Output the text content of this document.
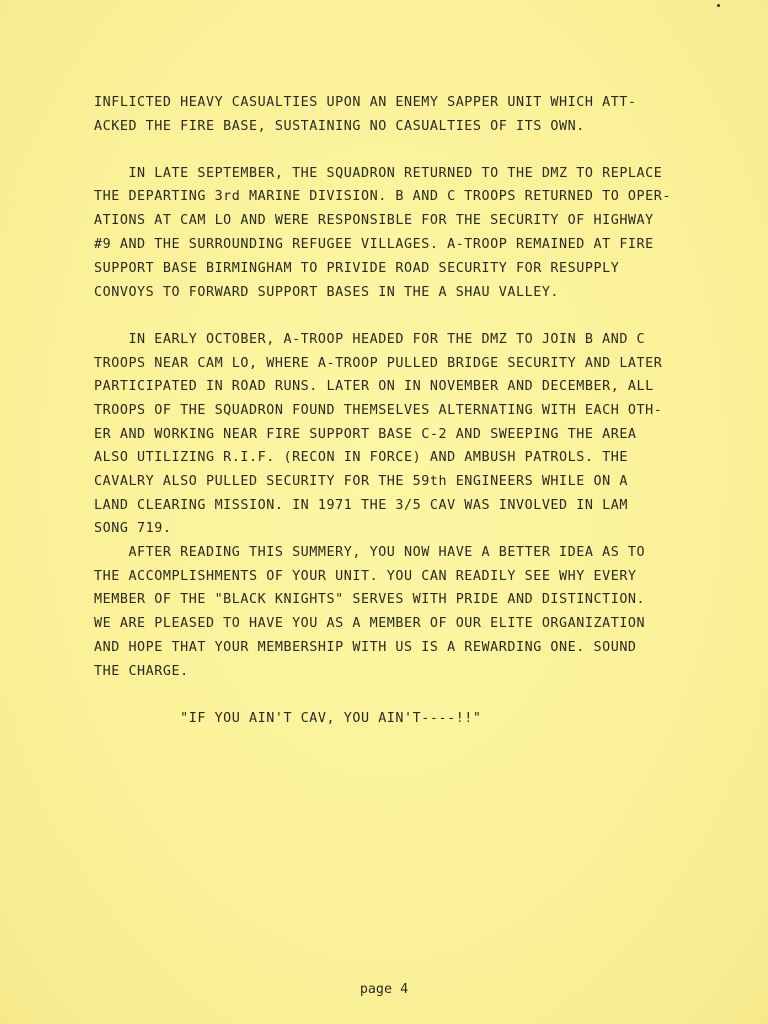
INFLICTED HEAVY CASUALTIES UPON AN ENEMY SAPPER UNIT WHICH ATT-

ACKED THE FIRE BASE, SUSTAINING NO CASUALTIES OF ITS OWN.

IN LATE SEPTEMBER, THE SQUADRON RETURNED TO THE DMZ TO REPLACE

THE DEPARTING 3rd MARINE DIVISION. B AND C TROOPS RETURNED TO OPER-

ATIONS AT CAM LO AND WERE RESPONSIBLE FOR THE SECURITY OF HIGHWAY

#9 AND THE SURROUNDING REFUGEE VILLAGES. A-TROOP REMAINED AT FIRE

SUPPORT BASE BIRMINGHAM TO PRIVIDE ROAD SECURITY FOR RESUPPLY

CONVOYS TO FORWARD SUPPORT BASES IN THE A SHAU VALLEY.

IN EARLY OCTOBER, A-TROOP HEADED FOR THE DMZ TO JOIN B AND C

TROOPS NEAR CAM LO, WHERE A-TROOP PULLED BRIDGE SECURITY AND LATER

PARTICIPATED IN ROAD RUNS. LATER ON IN NOVEMBER AND DECEMBER, ALL

TROOPS OF THE SQUADRON FOUND THEMSELVES ALTERNATING WITH EACH OTH-

ER AND WORKING NEAR FIRE SUPPORT BASE C-2 AND SWEEPING THE AREA

ALSO UTILIZING R.I.F. (RECON IN FORCE) AND AMBUSH PATROLS. THE

CAVALRY ALSO PULLED SECURITY FOR THE 59th ENGINEERS WHILE ON A

LAND CLEARING MISSION. IN 1971 THE 3/5 CAV WAS INVOLVED IN LAM

SONG 719.

AFTER READING THIS SUMMERY, YOU NOW HAVE A BETTER IDEA AS TO

THE ACCOMPLISHMENTS OF YOUR UNIT. YOU CAN READILY SEE WHY EVERY

MEMBER OF THE "BLACK KNIGHTS" SERVES WITH PRIDE AND DISTINCTION.

WE ARE PLEASED TO HAVE YOU AS A MEMBER OF OUR ELITE ORGANIZATION

AND HOPE THAT YOUR MEMBERSHIP WITH US IS A REWARDING ONE. SOUND

THE CHARGE.

"IF YOU AIN'T CAV, YOU AIN'T----!!"

page 4
